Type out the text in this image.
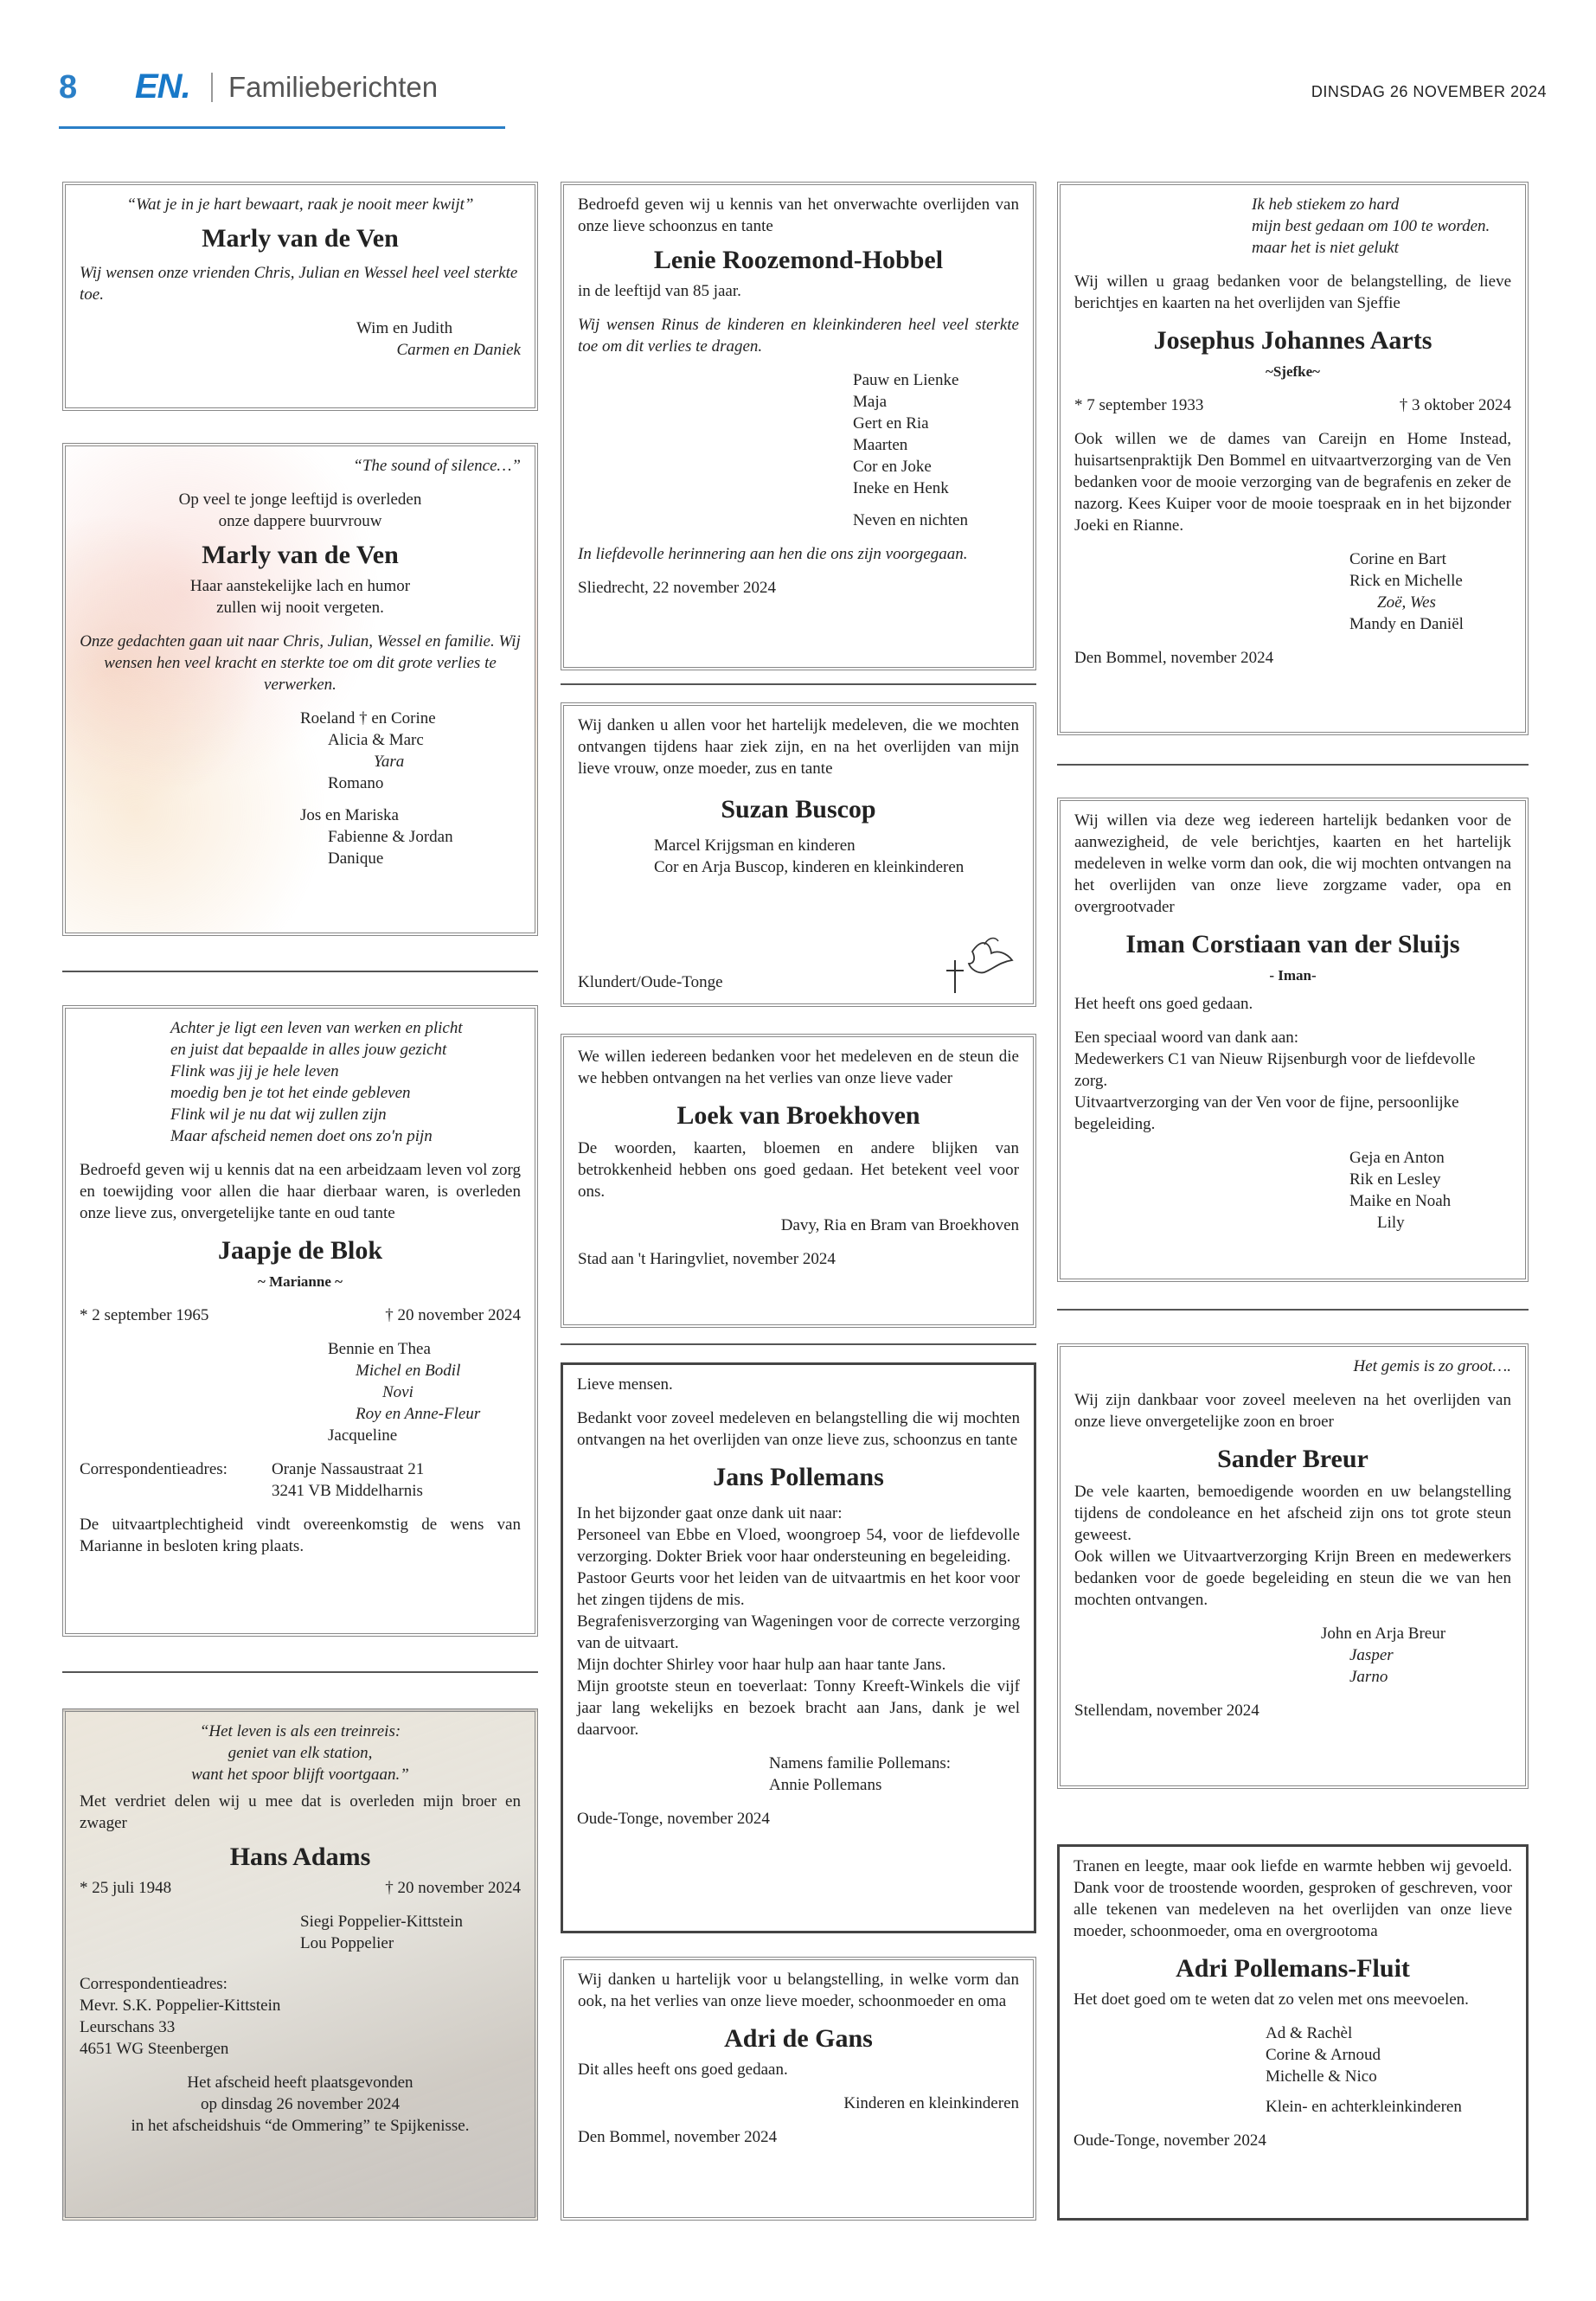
8 EN. Familieberichten	DINSDAG 26 NOVEMBER 2024

“Wat je in je hart bewaart, raak je nooit meer kwijt”

Marly van de Ven

Wij wensen onze vrienden Chris, Julian en Wessel heel veel sterkte toe.

Wim en Judith

Carmen en Daniek

“The sound of silence…”

Op veel te jonge leeftijd is overleden

onze dappere buurvrouw

Marly van de Ven

Haar aanstekelijke lach en humor

zullen wij nooit vergeten.

Onze gedachten gaan uit naar Chris, Julian, Wessel en familie. Wij wensen hen veel kracht en sterkte toe om dit grote verlies te verwerken.

Roeland † en Corine

Alicia & Marc

Yara

Romano

Jos en Mariska

Fabienne & Jordan

Danique

Achter je ligt een leven van werken en plicht

en juist dat bepaalde in alles jouw gezicht

Flink was jij je hele leven

moedig ben je tot het einde gebleven

Flink wil je nu dat wij zullen zijn

Maar afscheid nemen doet ons zo'n pijn

Bedroefd geven wij u kennis dat na een arbeidzaam leven vol zorg en toewijding voor allen die haar dierbaar waren, is overleden onze lieve zus, onvergetelijke tante en oud tante

Jaapje de Blok

~ Marianne ~

* 2 september 1965	† 20 november 2024

Bennie en Thea

Michel en Bodil

Novi

Roy en Anne-Fleur

Jacqueline

Correspondentieadres:	Oranje Nassaustraat 21

3241 VB Middelharnis

De uitvaartplechtigheid vindt overeenkomstig de wens van Marianne in besloten kring plaats.

“Het leven is als een treinreis:

geniet van elk station,

want het spoor blijft voortgaan.”

Met verdriet delen wij u mee dat is overleden mijn broer en zwager

Hans Adams
* 25 juli 1948	† 20 november 2024

Siegi Poppelier-Kittstein

Lou Poppelier

Correspondentieadres:

Mevr. S.K. Poppelier-Kittstein

Leurschans 33

4651 WG Steenbergen

Het afscheid heeft plaatsgevonden

op dinsdag 26 november 2024

in het afscheidshuis “de Ommering” te Spijkenisse.

Bedroefd geven wij u kennis van het onverwachte overlijden van onze lieve schoonzus en tante

Lenie Roozemond-Hobbel

in de leeftijd van 85 jaar.

Wij wensen Rinus de kinderen en kleinkinderen heel veel sterkte toe om dit verlies te dragen.

Pauw en Lienke

Maja

Gert en Ria

Maarten

Cor en Joke

Ineke en Henk

Neven en nichten

In liefdevolle herinnering aan hen die ons zijn voorgegaan.

Sliedrecht, 22 november 2024

Wij danken u allen voor het hartelijk medeleven, die we mochten ontvangen tijdens haar ziek zijn, en na het overlijden van mijn lieve vrouw, onze moeder, zus en tante

Suzan Buscop

Marcel Krijgsman en kinderen

Cor en Arja Buscop, kinderen en kleinkinderen

Klundert/Oude-Tonge

We willen iedereen bedanken voor het medeleven en de steun die we hebben ontvangen na het verlies van onze lieve vader

Loek van Broekhoven

De woorden, kaarten, bloemen en andere blijken van betrokkenheid hebben ons goed gedaan. Het betekent veel voor ons.

Davy, Ria en Bram van Broekhoven

Stad aan 't Haringvliet, november 2024

Lieve mensen.

Bedankt voor zoveel medeleven en belangstelling die wij mochten ontvangen na het overlijden van onze lieve zus, schoonzus en tante

Jans Pollemans

In het bijzonder gaat onze dank uit naar:

Personeel van Ebbe en Vloed, woongroep 54, voor de liefdevolle verzorging. Dokter Briek voor haar ondersteuning en begeleiding.

Pastoor Geurts voor het leiden van de uitvaartmis en het koor voor het zingen tijdens de mis.

Begrafenisverzorging van Wageningen voor de correcte verzorging van de uitvaart.

Mijn dochter Shirley voor haar hulp aan haar tante Jans.

Mijn grootste steun en toeverlaat: Tonny Kreeft-Winkels die vijf jaar lang wekelijks en bezoek bracht aan Jans, dank je wel daarvoor.

Namens familie Pollemans:

Annie Pollemans

Oude-Tonge, november 2024

Wij danken u hartelijk voor u belangstelling, in welke vorm dan ook, na het verlies van onze lieve moeder, schoonmoeder en oma

Adri de Gans

Dit alles heeft ons goed gedaan.

Kinderen en kleinkinderen

Den Bommel, november 2024

Ik heb stiekem zo hard

mijn best gedaan om 100 te worden.

maar het is niet gelukt

Wij willen u graag bedanken voor de belangstelling, de lieve berichtjes en kaarten na het overlijden van Sjeffie

Josephus Johannes Aarts

~Sjefke~

* 7 september 1933	† 3 oktober 2024

Ook willen we de dames van Careijn en Home Instead, huisartsenpraktijk Den Bommel en uitvaartverzorging van de Ven bedanken voor de mooie verzorging van de begrafenis en zeker de nazorg. Kees Kuiper voor de mooie toespraak en in het bijzonder Joeki en Rianne.

Corine en Bart

Rick en Michelle

Zoë, Wes

Mandy en Daniël

Den Bommel, november 2024

Wij willen via deze weg iedereen hartelijk bedanken voor de aanwezigheid, de vele berichtjes, kaarten en het hartelijk medeleven in welke vorm dan ook, die wij mochten ontvangen na het overlijden van onze lieve zorgzame vader, opa en overgrootvader

Iman Corstiaan van der Sluijs

- Iman-

Het heeft ons goed gedaan.

Een speciaal woord van dank aan:

Medewerkers C1 van Nieuw Rijsenburgh voor de liefdevolle zorg.

Uitvaartverzorging van der Ven voor de fijne, persoonlijke begeleiding.

Geja en Anton

Rik en Lesley

Maike en Noah

Lily

Het gemis is zo groot….

Wij zijn dankbaar voor zoveel meeleven na het overlijden van onze lieve onvergetelijke zoon en broer

Sander Breur

De vele kaarten, bemoedigende woorden en uw belangstelling tijdens de condoleance en het afscheid zijn ons tot grote steun geweest.
Ook willen we Uitvaartverzorging Krijn Breen en medewerkers bedanken voor de goede begeleiding en steun die we van hen mochten ontvangen.

John en Arja Breur

Jasper

Jarno

Stellendam, november 2024

Tranen en leegte, maar ook liefde en warmte hebben wij gevoeld. Dank voor de troostende woorden, gesproken of geschreven, voor alle tekenen van medeleven na het overlijden van onze lieve moeder, schoonmoeder, oma en overgrootoma

Adri Pollemans-Fluit

Het doet goed om te weten dat zo velen met ons meevoelen.

Ad & Rachèl

Corine & Arnoud

Michelle & Nico

Klein- en achterkleinkinderen

Oude-Tonge, november 2024
